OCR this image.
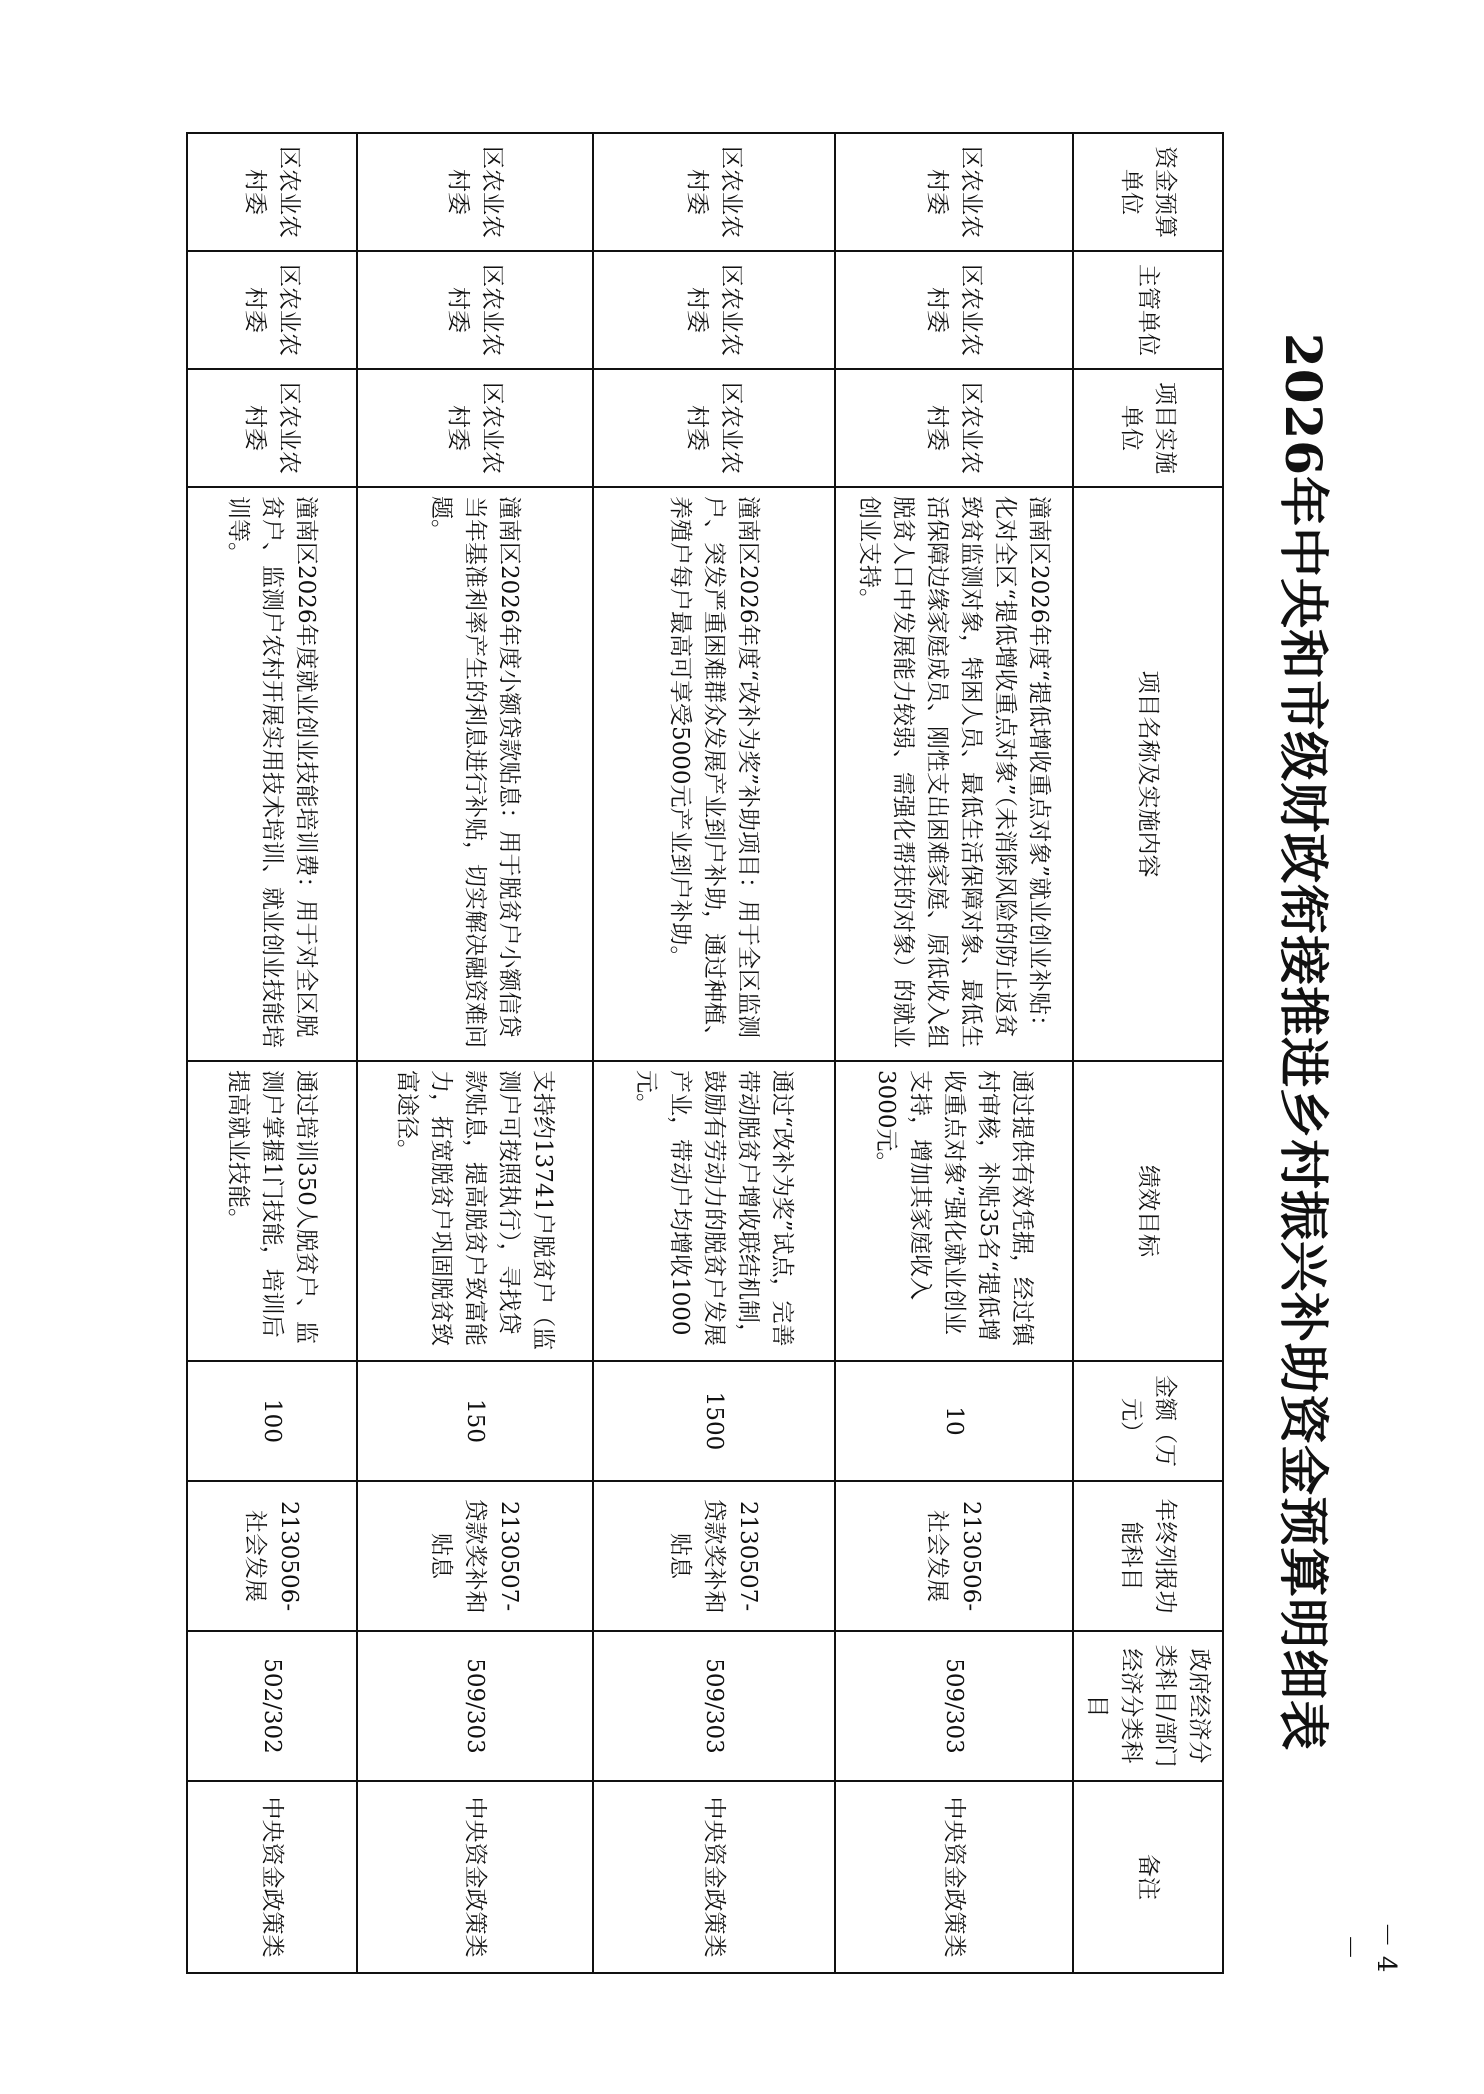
2026年中央和市级财政衔接推进乡村振兴补助资金预算明细表
资金预算单位	主管单位	项目实施单位	项目名称及实施内容	绩效目标	金额（万元）	年终列报功能科目	政府经济分类科目/部门经济分类科目	备注
区农业农村委	区农业农村委	区农业农村委	潼南区2026年度“提低增收重点对象”就业创业补贴：化对全区“提低增收重点对象”（未消除风险的防止返贫致贫监测对象，特困人员、最低生活保障对象、最低生活保障边缘家庭成员、刚性支出困难家庭、原低收入组脱贫人口中发展能力较弱、需强化帮扶的对象）的就业创业支持。	通过提供有效凭据，经过镇村审核，补贴35名“提低增收重点对象”强化就业创业支持，增加其家庭收入3000元。	10	2130506-社会发展	509/303	中央资金政策类
区农业农村委	区农业农村委	区农业农村委	潼南区2026年度“改补为奖”补助项目：用于全区监测户、突发严重困难群众发展产业到户补助，通过种植、养殖户每户最高可享受5000元产业到户补助。	通过“改补为奖”试点，完善带动脱贫户增收联结机制，鼓励有劳动力的脱贫户发展产业，带动户均增收1000元。	1500	2130507-贷款奖补和贴息	509/303	中央资金政策类
区农业农村委	区农业农村委	区农业农村委	潼南区2026年度小额贷款贴息：用于脱贫户小额信贷当年基准利率产生的利息进行补贴，切实解决融资难问题。	支持约13741户脱贫户（监测户可按照执行），寻找贷款贴息，提高脱贫户致富能力，拓宽脱贫户巩固脱贫致富途径。	150	2130507-贷款奖补和贴息	509/303	中央资金政策类
区农业农村委	区农业农村委	区农业农村委	潼南区2026年度就业创业技能培训费：用于对全区脱贫户、监测户农村开展实用技术培训、就业创业技能培训等。	通过培训350人脱贫户、监测户掌握1门技能，培训后提高就业技能。	100	2130506-社会发展	502/302	中央资金政策类	－ 4 －
